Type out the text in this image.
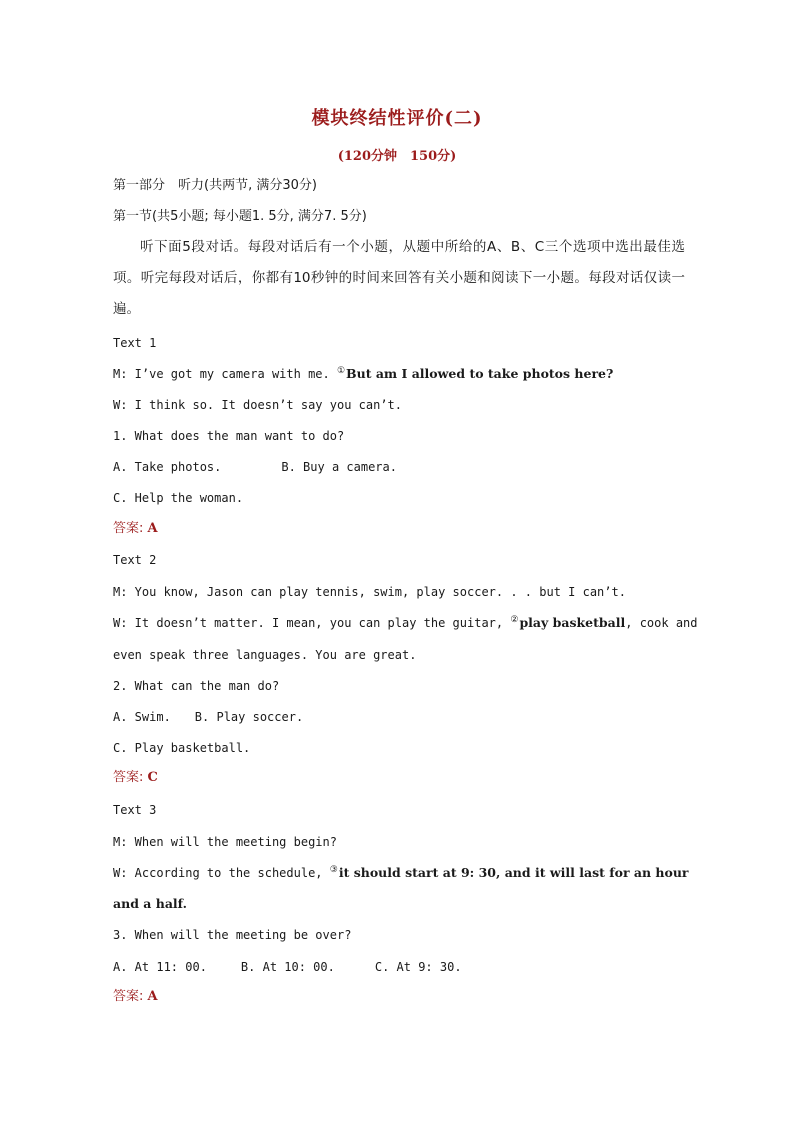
模块终结性评价(二)
(120分钟　150分)
第一部分　听力(共两节, 满分30分)
第一节(共5小题; 每小题1. 5分, 满分7. 5分)
听下面5段对话。每段对话后有一个小题，从题中所给的A、B、C三个选项中选出最佳选项。听完每段对话后，你都有10秒钟的时间来回答有关小题和阅读下一小题。每段对话仅读一遍。
Text 1
M: I’ve got my camera with me. ①But am I allowed to take photos here?
W: I think so. It doesn’t say you can’t.
1. What does the man want to do?
A. Take photos.	B. Buy a camera.
C. Help the woman.
答案: A
Text 2
M: You know, Jason can play tennis, swim, play soccer. . . but I can’t.
W: It doesn’t matter. I mean, you can play the guitar, ②play basketball, cook and
even speak three languages. You are great.
2. What can the man do?
A. Swim. B. Play soccer.
C. Play basketball.
答案: C
Text 3
M: When will the meeting begin?
W: According to the schedule, ③it should start at 9: 30, and it will last for an hour
and a half.
3. When will the meeting be over?
A. At 11: 00.	B. At 10: 00.	C. At 9: 30.
答案: A
